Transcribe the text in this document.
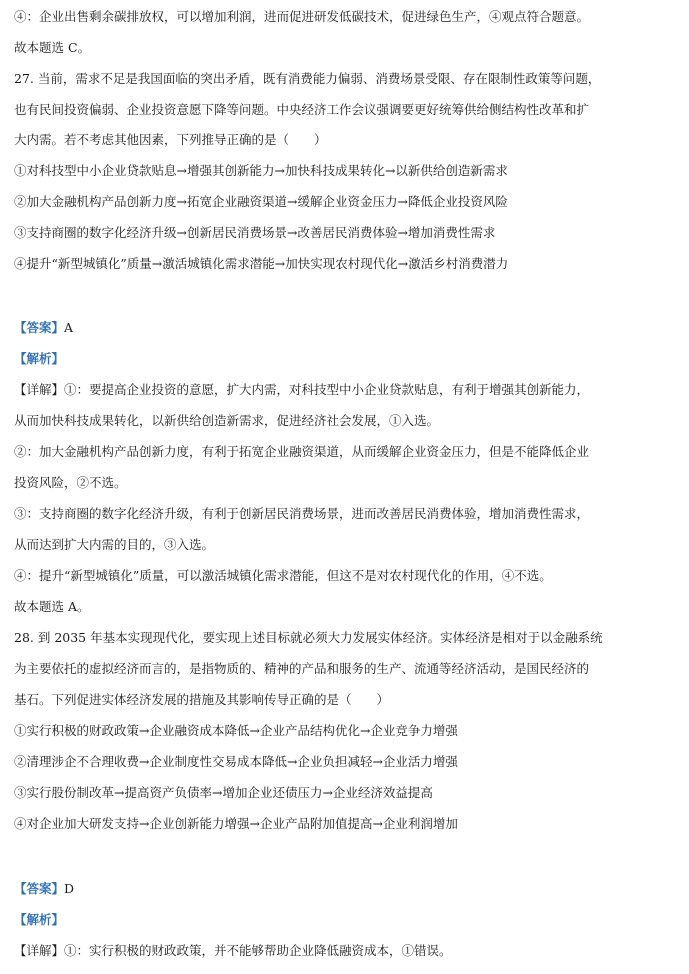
④：企业出售剩余碳排放权，可以增加利润，进而促进研发低碳技术，促进绿色生产，④观点符合题意。
故本题选 C。
27. 当前，需求不足是我国面临的突出矛盾，既有消费能力偏弱、消费场景受限、存在限制性政策等问题，
也有民间投资偏弱、企业投资意愿下降等问题。中央经济工作会议强调要更好统筹供给侧结构性改革和扩
大内需。若不考虑其他因素，下列推导正确的是（　　）
①对科技型中小企业贷款贴息→增强其创新能力→加快科技成果转化→以新供给创造新需求
②加大金融机构产品创新力度→拓宽企业融资渠道→缓解企业资金压力→降低企业投资风险
③支持商圈的数字化经济升级→创新居民消费场景→改善居民消费体验→增加消费性需求
④提升“新型城镇化”质量→激活城镇化需求潜能→加快实现农村现代化→激活乡村消费潜力
【答案】A
【解析】
【详解】①：要提高企业投资的意愿，扩大内需，对科技型中小企业贷款贴息，有利于增强其创新能力，
从而加快科技成果转化，以新供给创造新需求，促进经济社会发展，①入选。
②：加大金融机构产品创新力度，有利于拓宽企业融资渠道，从而缓解企业资金压力，但是不能降低企业
投资风险，②不选。
③：支持商圈的数字化经济升级，有利于创新居民消费场景，进而改善居民消费体验，增加消费性需求，
从而达到扩大内需的目的，③入选。
④：提升“新型城镇化”质量，可以激活城镇化需求潜能，但这不是对农村现代化的作用，④不选。
故本题选 A。
28. 到 2035 年基本实现现代化，要实现上述目标就必须大力发展实体经济。实体经济是相对于以金融系统
为主要依托的虚拟经济而言的，是指物质的、精神的产品和服务的生产、流通等经济活动，是国民经济的
基石。下列促进实体经济发展的措施及其影响传导正确的是（　　）
①实行积极的财政政策→企业融资成本降低→企业产品结构优化→企业竞争力增强
②清理涉企不合理收费→企业制度性交易成本降低→企业负担减轻→企业活力增强
③实行股份制改革→提高资产负债率→增加企业还债压力→企业经济效益提高
④对企业加大研发支持→企业创新能力增强→企业产品附加值提高→企业利润增加
【答案】D
【解析】
【详解】①：实行积极的财政政策，并不能够帮助企业降低融资成本，①错误。
